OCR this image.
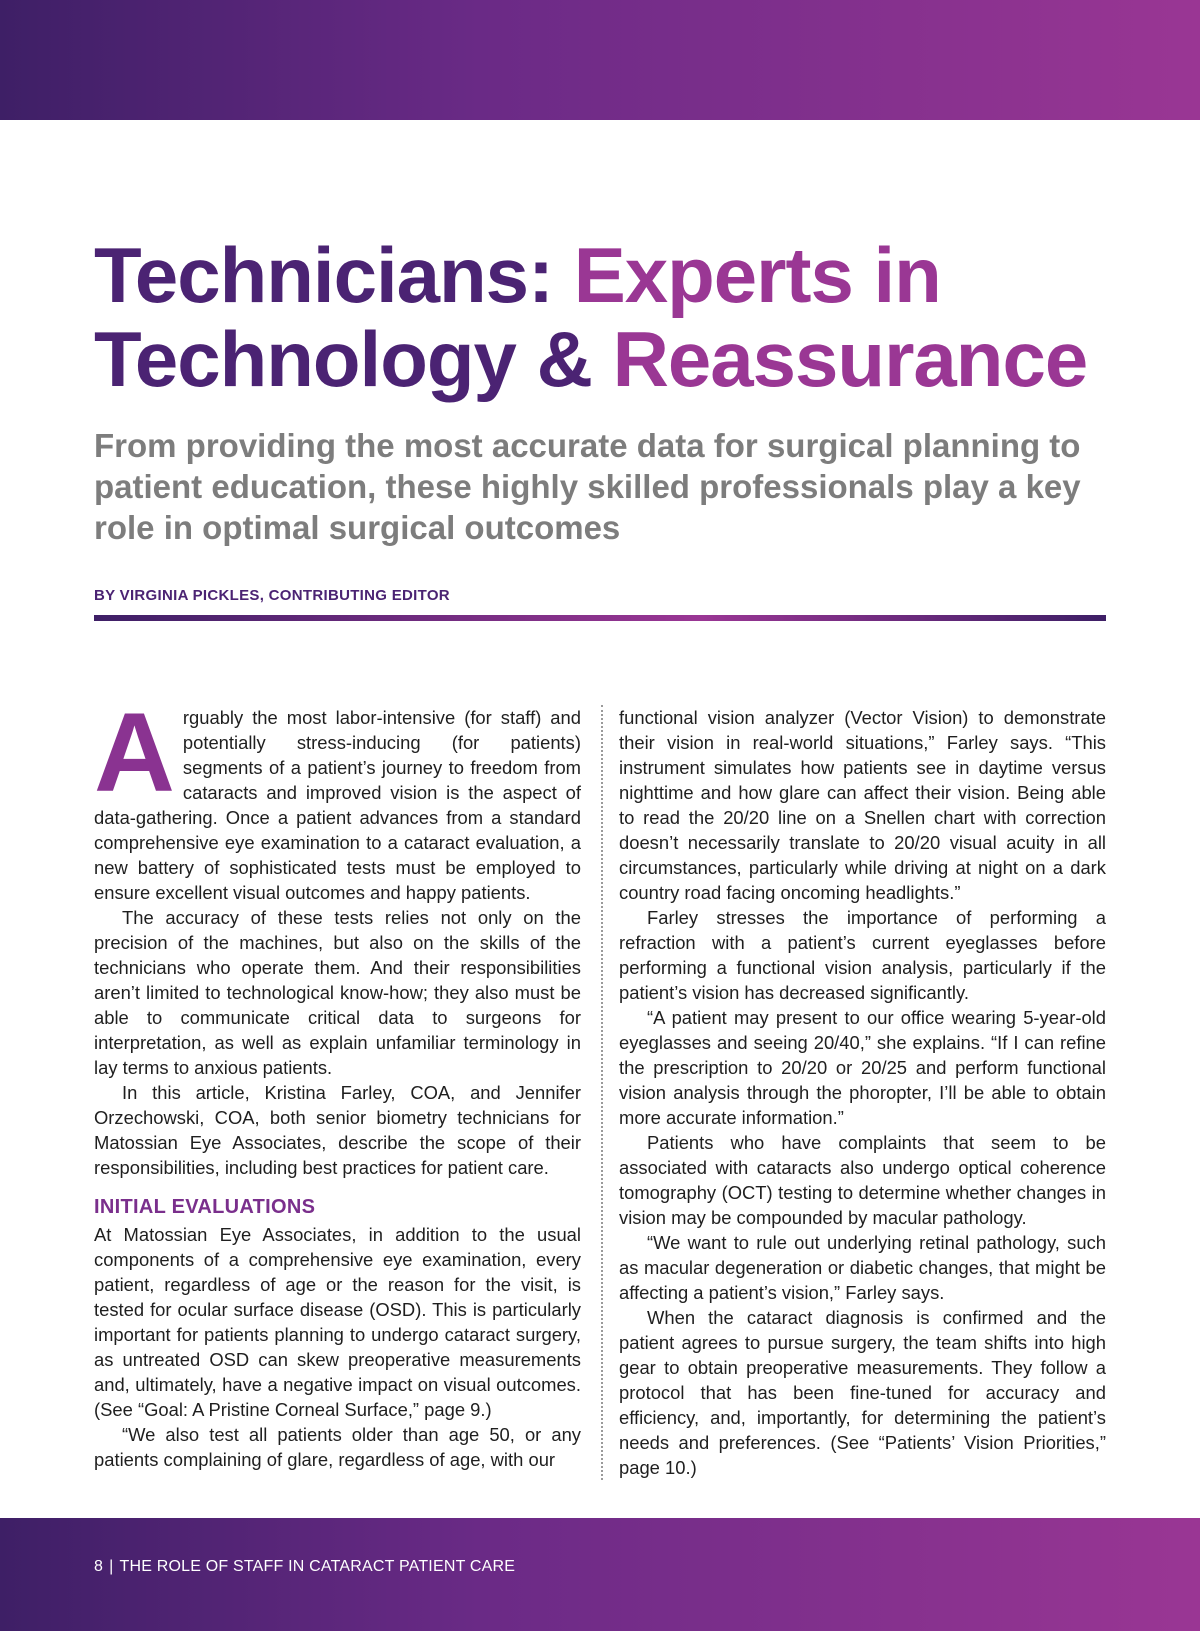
Technicians: Experts in
Technology & Reassurance

From providing the most accurate data for surgical planning to patient education, these highly skilled professionals play a key role in optimal surgical outcomes

BY VIRGINIA PICKLES, CONTRIBUTING EDITOR

Arguably the most labor-intensive (for staff) and potentially stress-inducing (for patients) segments of a patient’s journey to freedom from cataracts and improved vision is the aspect of data-gathering. Once a patient advances from a standard comprehensive eye examination to a cataract evaluation, a new battery of sophisticated tests must be employed to ensure excellent visual outcomes and happy patients.

The accuracy of these tests relies not only on the precision of the machines, but also on the skills of the technicians who operate them. And their responsibilities aren’t limited to technological know-how; they also must be able to communicate critical data to surgeons for interpretation, as well as explain unfamiliar terminology in lay terms to anxious patients.

In this article, Kristina Farley, COA, and Jennifer Orzechowski, COA, both senior biometry technicians for Matossian Eye Associates, describe the scope of their responsibilities, including best practices for patient care.

INITIAL EVALUATIONS

At Matossian Eye Associates, in addition to the usual components of a comprehensive eye examination, every patient, regardless of age or the reason for the visit, is tested for ocular surface disease (OSD). This is particularly important for patients planning to undergo cataract surgery, as untreated OSD can skew preoperative measurements and, ultimately, have a negative impact on visual outcomes. (See “Goal: A Pristine Corneal Surface,” page 9.)

“We also test all patients older than age 50, or any patients complaining of glare, regardless of age, with our

functional vision analyzer (Vector Vision) to demonstrate their vision in real-world situations,” Farley says. “This instrument simulates how patients see in daytime versus nighttime and how glare can affect their vision. Being able to read the 20/20 line on a Snellen chart with correction doesn’t necessarily translate to 20/20 visual acuity in all circumstances, particularly while driving at night on a dark country road facing oncoming headlights.”

Farley stresses the importance of performing a refraction with a patient’s current eyeglasses before performing a functional vision analysis, particularly if the patient’s vision has decreased significantly.

“A patient may present to our office wearing 5-year-old eyeglasses and seeing 20/40,” she explains. “If I can refine the prescription to 20/20 or 20/25 and perform functional vision analysis through the phoropter, I’ll be able to obtain more accurate information.”

Patients who have complaints that seem to be associated with cataracts also undergo optical coherence tomography (OCT) testing to determine whether changes in vision may be compounded by macular pathology.

“We want to rule out underlying retinal pathology, such as macular degeneration or diabetic changes, that might be affecting a patient’s vision,” Farley says.

When the cataract diagnosis is confirmed and the patient agrees to pursue surgery, the team shifts into high gear to obtain preoperative measurements. They follow a protocol that has been fine-tuned for accuracy and efficiency, and, importantly, for determining the patient’s needs and preferences. (See “Patients’ Vision Priorities,” page 10.)

8 | THE ROLE OF STAFF IN CATARACT PATIENT CARE
